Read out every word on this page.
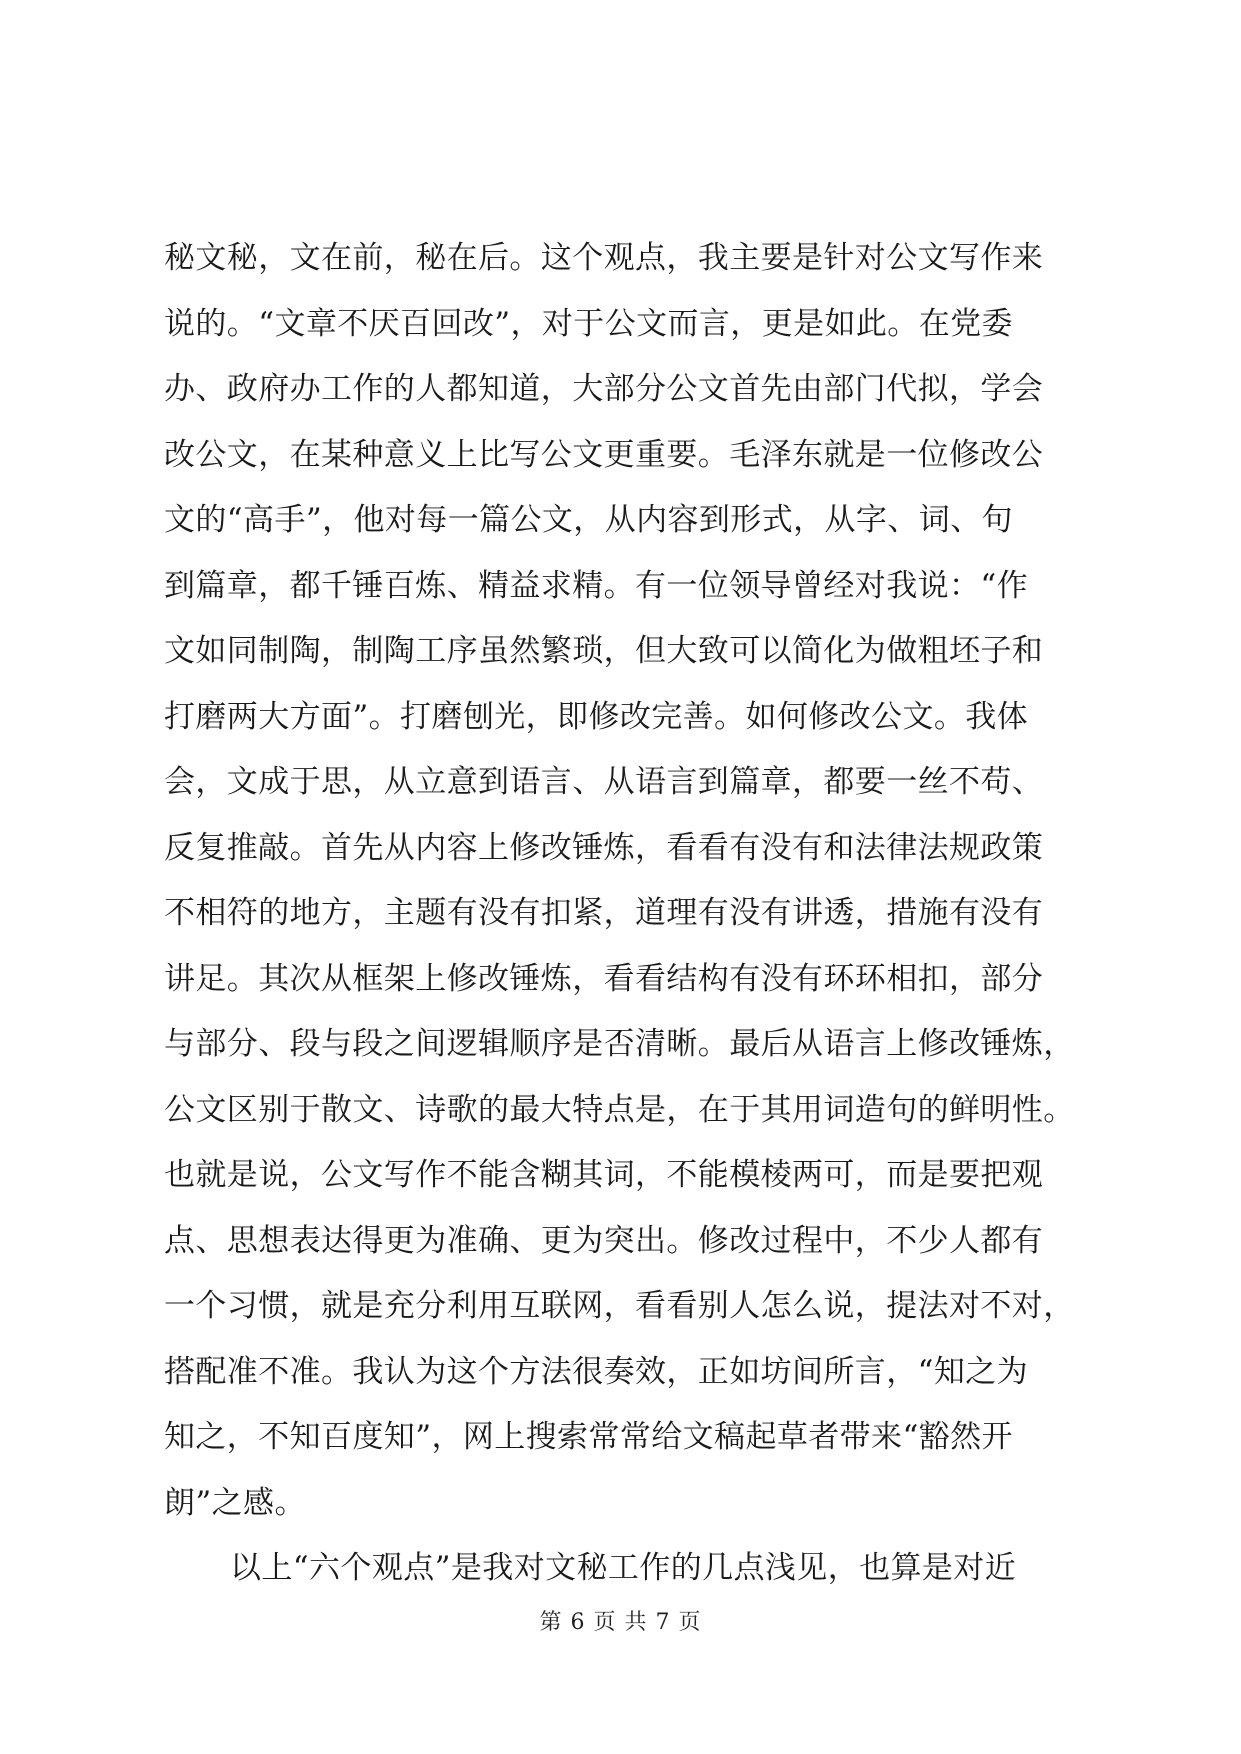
秘文秘，文在前，秘在后。这个观点，我主要是针对公文写作来
说的。“文章不厌百回改”，对于公文而言，更是如此。在党委
办、政府办工作的人都知道，大部分公文首先由部门代拟，学会
改公文，在某种意义上比写公文更重要。毛泽东就是一位修改公
文的“高手”，他对每一篇公文，从内容到形式，从字、词、句
到篇章，都千锤百炼、精益求精。有一位领导曾经对我说：“作
文如同制陶，制陶工序虽然繁琐，但大致可以简化为做粗坯子和
打磨两大方面”。打磨刨光，即修改完善。如何修改公文。我体
会，文成于思，从立意到语言、从语言到篇章，都要一丝不苟、
反复推敲。首先从内容上修改锤炼，看看有没有和法律法规政策
不相符的地方，主题有没有扣紧，道理有没有讲透，措施有没有
讲足。其次从框架上修改锤炼，看看结构有没有环环相扣，部分
与部分、段与段之间逻辑顺序是否清晰。最后从语言上修改锤炼，
公文区别于散文、诗歌的最大特点是，在于其用词造句的鲜明性。
也就是说，公文写作不能含糊其词，不能模棱两可，而是要把观
点、思想表达得更为准确、更为突出。修改过程中，不少人都有
一个习惯，就是充分利用互联网，看看别人怎么说，提法对不对，
搭配准不准。我认为这个方法很奏效，正如坊间所言，“知之为
知之，不知百度知”，网上搜索常常给文稿起草者带来“豁然开
朗”之感。
以上“六个观点”是我对文秘工作的几点浅见，也算是对近
第 6 页 共 7 页
